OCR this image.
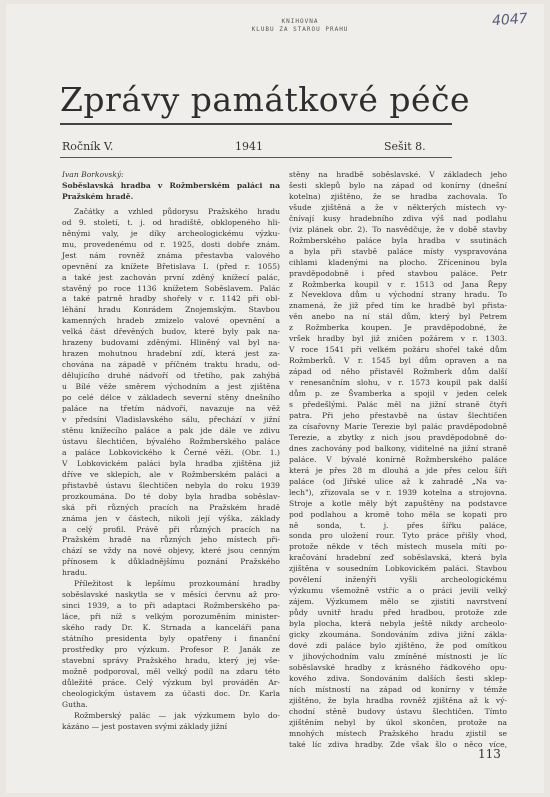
KNIHOVNA
KLUBU ZA STAROU PRAHU
4047
Zprávy památkové péče
Ročník V.	1941	Sešit 8.
Ivan Borkovský:
Soběslavská hradba v Rožmberském paláci na
Pražském hradě.
Začátky a vzhled půdorysu Pražského hradu
od 9. století, t. j. od hradiště, obklopeného hli-
něnými valy, je díky archeologickému výzku-
mu, provedenému od r. 1925, dosti dobře znám.
Jest nám rovněž známa přestavba valového
opevnění za knížete Břetislava I. (před r. 1055)
a také jest zachován první zděný knížecí palác,
stavěný po roce 1136 knížetem Soběslavem. Palác
a také patrně hradby shořely v r. 1142 při obl-
léhání hradu Konrádem Znojemským. Stavbou
kamenných hradeb zmizelo valové opevnění a
velká část dřevěných budov, které byly pak na-
hrazeny budovami zděnými. Hliněný val byl na-
hrazen mohutnou hradební zdí, která jest za-
chována na západě v příčném traktu hradu, od-
dělujícího druhé nádvoří od třetího, pak zahýbá
u Bílé věže směrem východním a jest zjištěna
po celé délce v základech severní stěny dnešního
paláce na třetím nádvoří, navazuje na věž
v předsíni Vladislavského sálu, přechází v jižní
stěnu knížecího paláce a pak jde dále ve zdivu
ústavu šlechtičen, bývalého Rožmberského paláce
a paláce Lobkovického k Černé věži. (Obr. 1.)
V Lobkovickém paláci byla hradba zjištěna již
dříve ve sklepích, ale v Rožmberském paláci a
přistavbě ústavu šlechtičen nebyla do roku 1939
prozkoumána. Do té doby byla hradba soběslav-
ská při různých pracích na Pražském hradě
známa jen v částech, nikoli její výška, základy
a celý profil. Právě při různých pracích na
Pražském hradě na různých jeho místech při-
chází se vždy na nové objevy, které jsou cenným
přínosem k důkladnějšímu poznání Pražského
hradu.
Příležitost k lepšímu prozkoumání hradby
soběslavské naskytla se v měsíci červnu až pro-
sinci 1939, a to při adaptaci Rožmberského pa-
láce, při níž s velkým porozuměním minister-
ského rady Dr. K. Strnada a kanceláři pana
státního presidenta byly opatřeny i finanční
prostředky pro výzkum. Profesor P. Janák ze
stavební správy Pražského hradu, který jej vše-
možně podporoval, měl velký podíl na zdaru této
důležité práce. Celý výzkum byl prováděn Ar-
cheologickým ústavem za účasti doc. Dr. Karla
Gutha.
Rožmberský palác — jak výzkumem bylo do-
kázáno — jest postaven svými základy jižní
stěny na hradbě soběslavské. V základech jeho
šesti sklepů bylo na západ od konírny (dnešní
kotelna) zjištěno, že se hradba zachovala. To
všude zjištěná a že v některých místech vy-
čnívají kusy hradebního zdiva výš nad podlahu
(viz plánek obr. 2). To nasvědčuje, že v době stavby
Rožmberského paláce byla hradba v ssutinách
a byla při stavbě paláce místy vyspravována
cihlami kladenými na plocho. Zříceninou byla
pravděpodobně i před stavbou paláce. Petr
z Rožmberka koupil v r. 1513 od Jana Řepy
z Neveklova dům u východní strany hradu. To
znamená, že již před tím ke hradbě byl přista-
věn anebo na ní stál dům, který byl Petrem
z Rožmberka koupen. Je pravděpodobné, že
vršek hradby byl již zničen požárem v r. 1303.
V roce 1541 při velkém požáru shořel také dům
Rožmberků. V r. 1545 byl dům opraven a na
západ od něho přistavěl Rožmberk dům další
v renesančním slohu, v r. 1573 koupil pak další
dům p. ze Švamberka a spojil v jeden celek
s předešlými. Palác měl na jižní straně čtyři
patra. Při jeho přestavbě na ústav šlechtičen
za císařovny Marie Terezie byl palác pravděpodobně
Terezie, a zbytky z nich jsou pravděpodobně do-
dnes zachovány pod balkony, viditelné na jižní straně
paláce. V bývalé konírně Rožmberského paláce
která je přes 28 m dlouhá a jde přes celou šíři
paláce (od Jiřské ulice až k zahradě „Na va-
lech"), zřizovala se v r. 1939 kotelna a strojovna.
Stroje a kotle měly být zapuštěny na podstavce
pod podlahou a kromě toho měla se kopati pro
ně sonda, t. j. přes šířku paláce,
sonda pro uložení rour. Tyto práce přišly vhod,
protože někde v těch místech musela míti po-
kračování hradební zeď soběslavská, která byla
zjištěna v sousedním Lobkovickém paláci. Stavbou
povělení inženýři vyšli archeologickému
výzkumu všemožně vstříc a o práci jevili velký
zájem. Výzkumem mělo se zjistiti navrstvení
půdy uvnitř hradu před hradbou, protože zde
byla plocha, která nebyla ještě nikdy archeolo-
gicky zkoumána. Sondováním zdiva jižní zákla-
dové zdi paláce bylo zjištěno, že pod omítkou
v jihovýchodním valu zmíněné místnosti je líc
soběslavské hradby z krásného řádkového opu-
kového zdiva. Sondováním dalších šesti sklep-
ních místností na západ od konírny v témže
zjištěno, že byla hradba rovněž zjištěna až k vý-
chodní stěně budovy ústavu šlechtičen. Tímto
zjištěním nebyl by úkol skončen, protože na
mnohých místech Pražského hradu zjistil se
také líc zdiva hradby. Zde však šlo o něco více,
113
